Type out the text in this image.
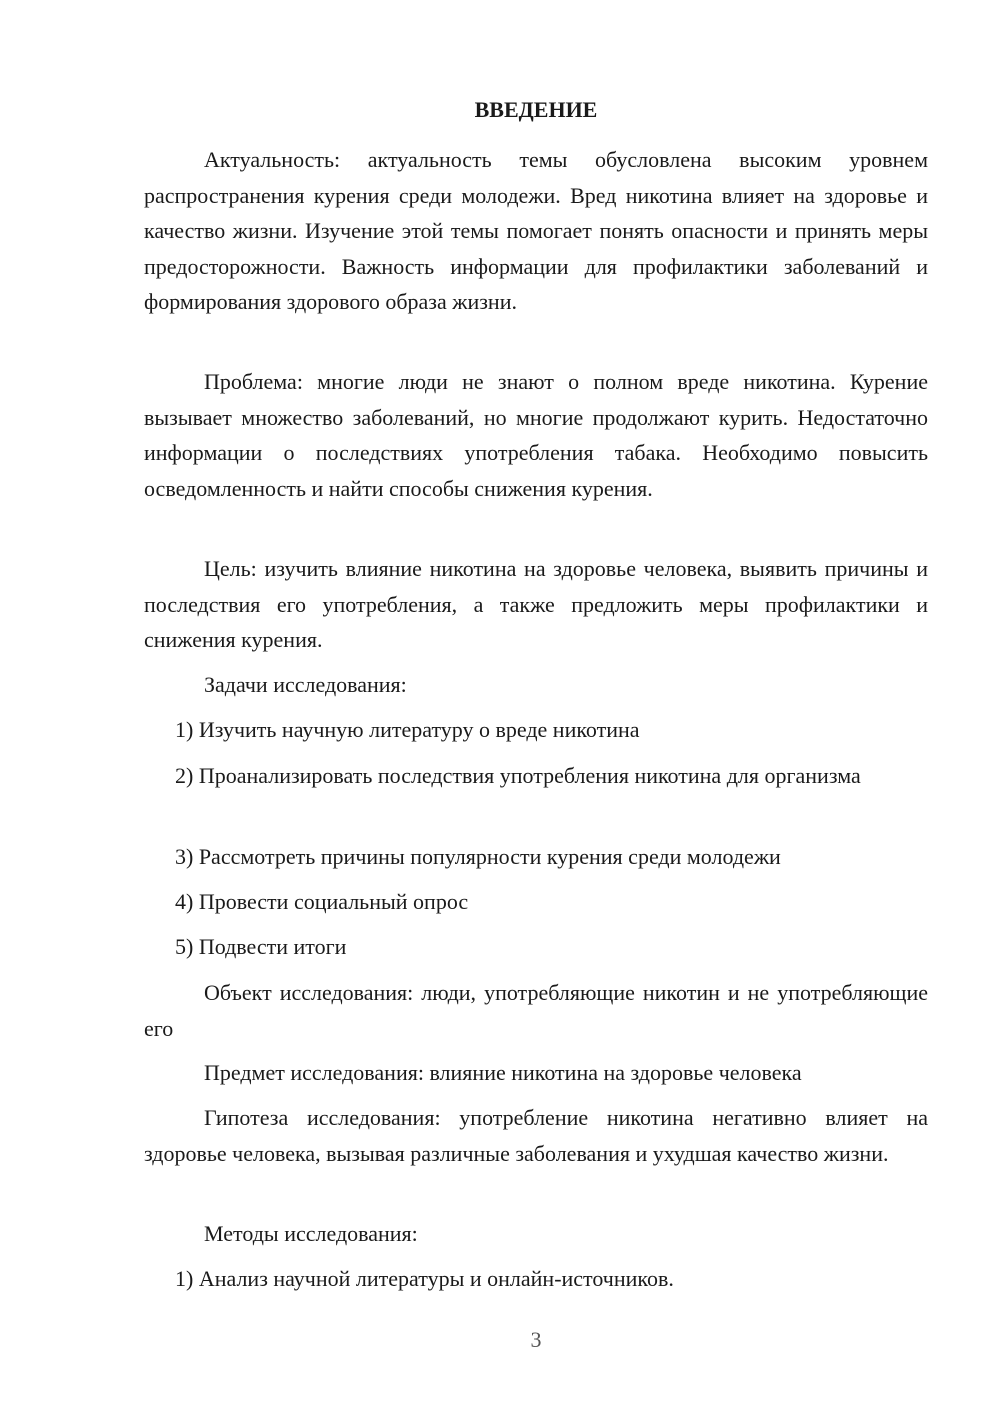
ВВЕДЕНИЕ

Актуальность: актуальность темы обусловлена высоким уровнем распространения курения среди молодежи. Вред никотина влияет на здоровье и качество жизни. Изучение этой темы помогает понять опасности и принять меры предосторожности. Важность информации для профилактики заболеваний и формирования здорового образа жизни.

Проблема: многие люди не знают о полном вреде никотина. Курение вызывает множество заболеваний, но многие продолжают курить. Недостаточно информации о последствиях употребления табака. Необходимо повысить осведомленность и найти способы снижения курения.

Цель: изучить влияние никотина на здоровье человека, выявить причины и последствия его употребления, а также предложить меры профилактики и снижения курения.

Задачи исследования:

1) Изучить научную литературу о вреде никотина

2) Проанализировать последствия употребления никотина для организма

3) Рассмотреть причины популярности курения среди молодежи

4) Провести социальный опрос

5) Подвести итоги

Объект исследования: люди, употребляющие никотин и не употребляющие его

Предмет исследования: влияние никотина на здоровье человека

Гипотеза исследования: употребление никотина негативно влияет на здоровье человека, вызывая различные заболевания и ухудшая качество жизни.

Методы исследования:

1) Анализ научной литературы и онлайн-источников.

3
